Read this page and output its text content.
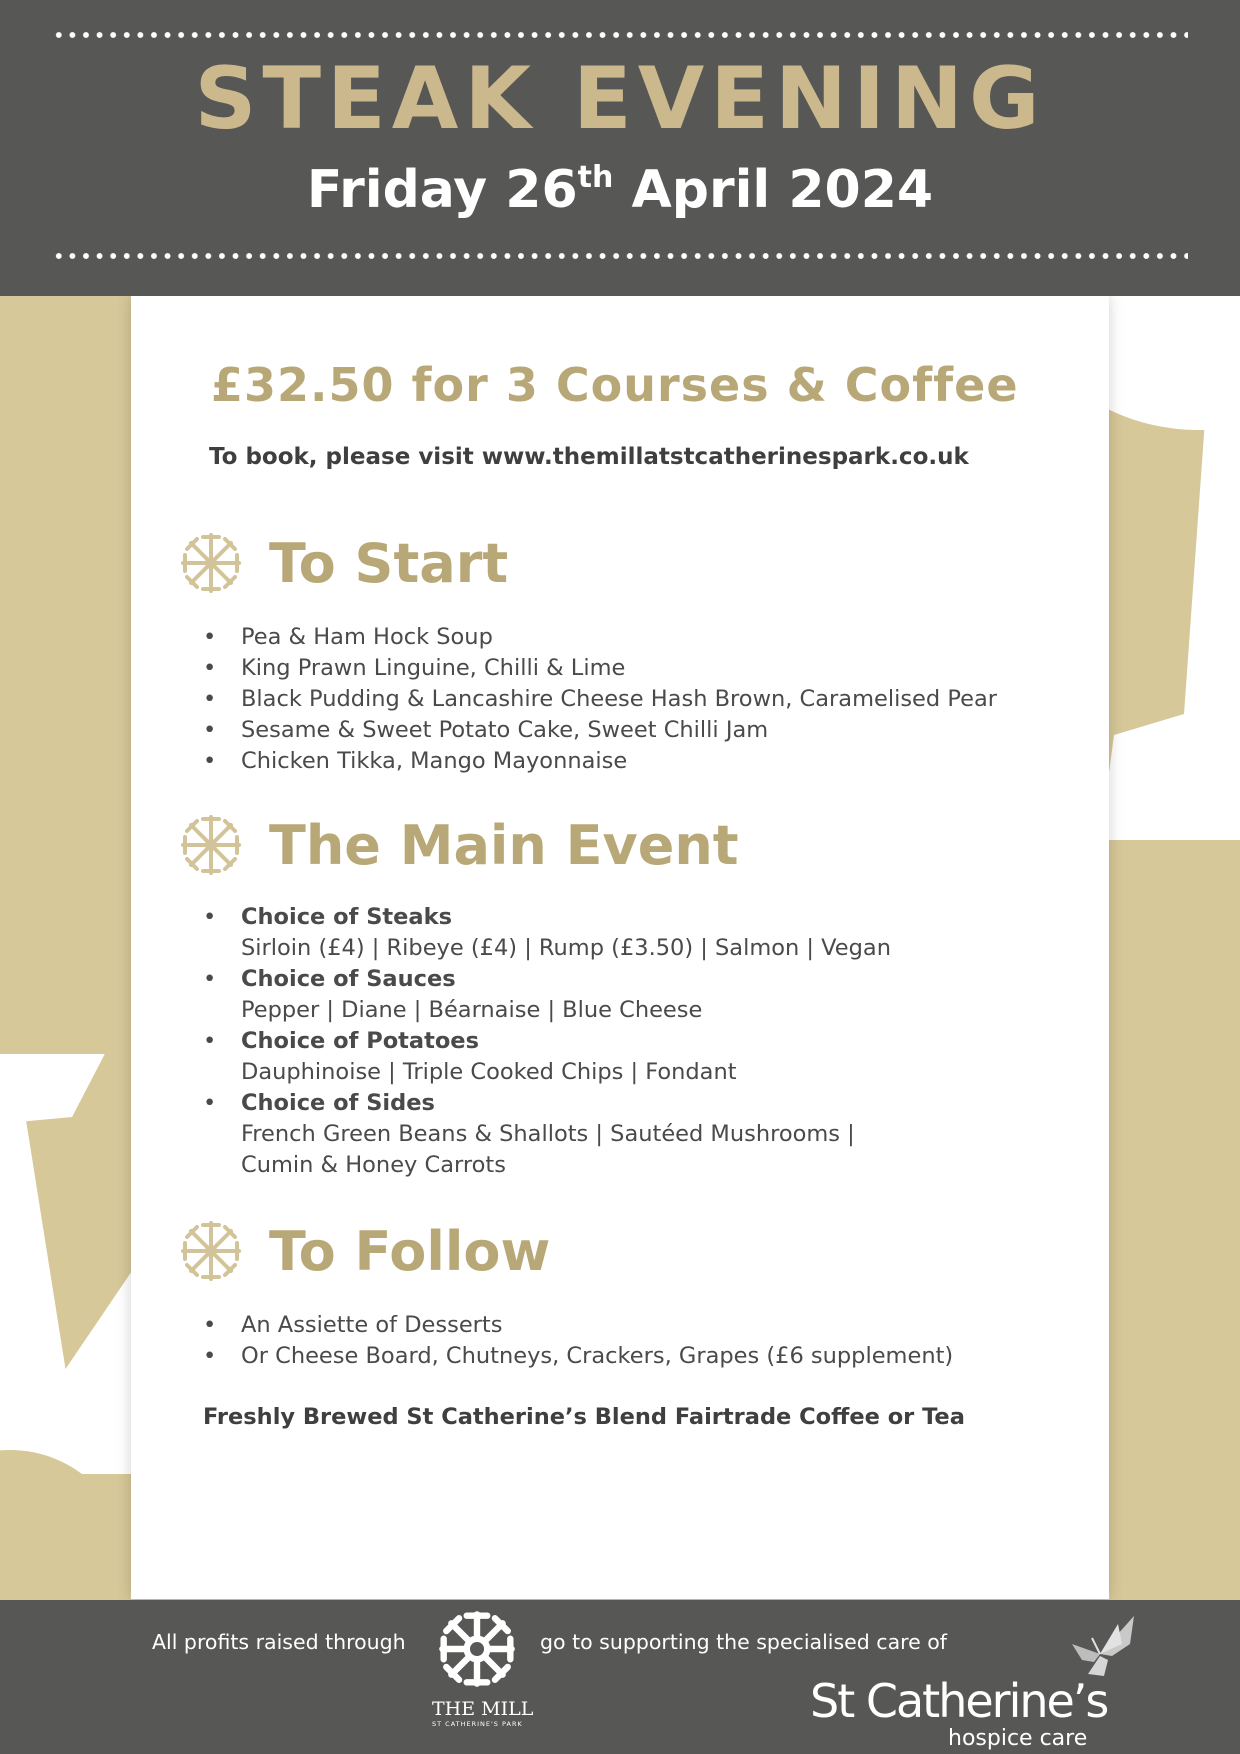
STEAK EVENING
Friday 26th April 2024
£32.50 for 3 Courses & Coffee
To book, please visit www.themillatstcatherinespark.co.uk
To Start
• Pea & Ham Hock Soup
• King Prawn Linguine, Chilli & Lime
• Black Pudding & Lancashire Cheese Hash Brown, Caramelised Pear
• Sesame & Sweet Potato Cake, Sweet Chilli Jam
• Chicken Tikka, Mango Mayonnaise
The Main Event
• Choice of Steaks
Sirloin (£4) | Ribeye (£4) | Rump (£3.50) | Salmon | Vegan
• Choice of Sauces
Pepper | Diane | Béarnaise | Blue Cheese
• Choice of Potatoes
Dauphinoise | Triple Cooked Chips | Fondant
• Choice of Sides
French Green Beans & Shallots | Sautéed Mushrooms |
Cumin & Honey Carrots
To Follow
• An Assiette of Desserts
• Or Cheese Board, Chutneys, Crackers, Grapes (£6 supplement)
Freshly Brewed St Catherine’s Blend Fairtrade Coffee or Tea
All profits raised through
THE MILL
ST CATHERINE'S PARK
go to supporting the specialised care of
St Catherine’s
hospice care
